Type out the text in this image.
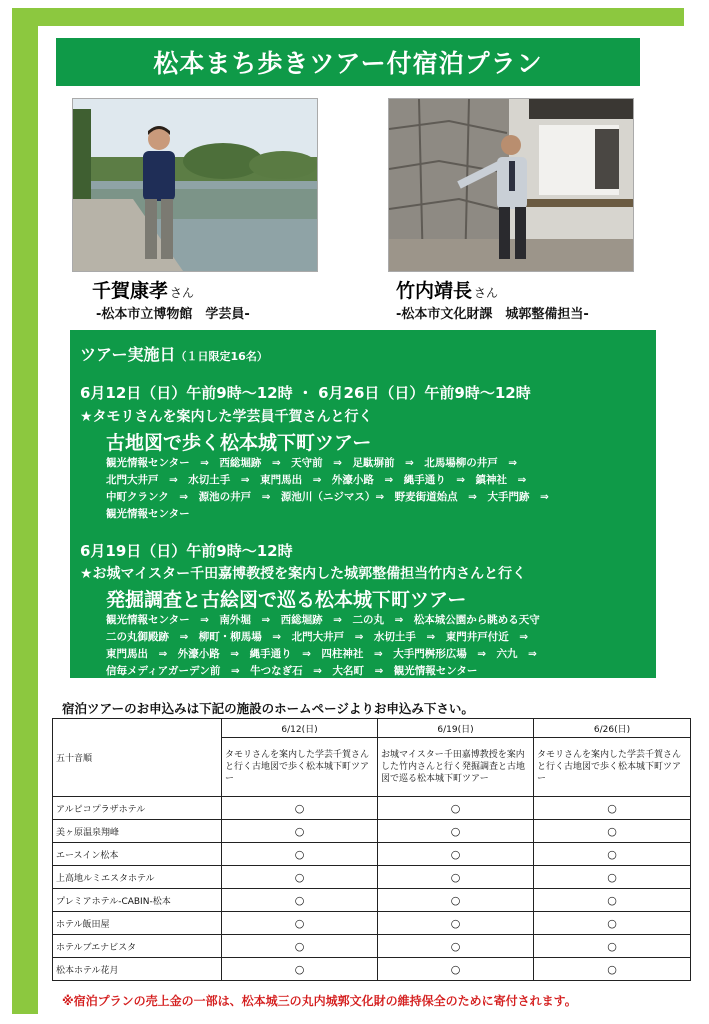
松本まち歩きツアー付宿泊プラン
千賀康孝 さん
-松本市立博物館　学芸員-
竹内靖長 さん
-松本市文化財課　城郭整備担当-
ツアー実施日（１日限定16名）
6月12日（日）午前9時～12時 ・ 6月26日（日）午前9時～12時
★タモリさんを案内した学芸員千賀さんと行く
古地図で歩く松本城下町ツアー
観光情報センター　⇒　西総堀跡　⇒　天守前　⇒　足駄塀前　⇒　北馬場柳の井戸　⇒
北門大井戸　⇒　水切土手　⇒　東門馬出　⇒　外濠小路　⇒　縄手通り　⇒　鎮神社　⇒
中町クランク　⇒　源池の井戸　⇒　源池川（ニジマス）⇒　野麦街道始点　⇒　大手門跡　⇒
観光情報センター
6月19日（日）午前9時～12時
★お城マイスター千田嘉博教授を案内した城郭整備担当竹内さんと行く
発掘調査と古絵図で巡る松本城下町ツアー
観光情報センター　⇒　南外堀　⇒　西総堀跡　⇒　二の丸　⇒　松本城公園から眺める天守
二の丸御殿跡　⇒　柳町・柳馬場　⇒　北門大井戸　⇒　水切土手　⇒　東門井戸付近　⇒
東門馬出　⇒　外濠小路　⇒　縄手通り　⇒　四柱神社　⇒　大手門桝形広場　⇒　六九　⇒
信毎メディアガーデン前　⇒　牛つなぎ石　⇒　大名町　⇒　観光情報センター
宿泊ツアーのお申込みは下記の施設のホームページよりお申込み下さい。
五十音順	6/12(日)	6/19(日)	6/26(日)
	タモリさんを案内した学芸千賀さんと行く古地図で歩く松本城下町ツアー	お城マイスター千田嘉博教授を案内した竹内さんと行く発掘調査と古地図で巡る松本城下町ツアー	タモリさんを案内した学芸千賀さんと行く古地図で歩く松本城下町ツアー
アルピコプラザホテル	○	○	○
美ヶ原温泉翔峰	○	○	○
エースイン松本	○	○	○
上高地ルミエスタホテル	○	○	○
プレミアホテル-CABIN-松本	○	○	○
ホテル飯田屋	○	○	○
ホテルブエナビスタ	○	○	○
松本ホテル花月	○	○	○
※宿泊プランの売上金の一部は、松本城三の丸内城郭文化財の維持保全のために寄付されます。
